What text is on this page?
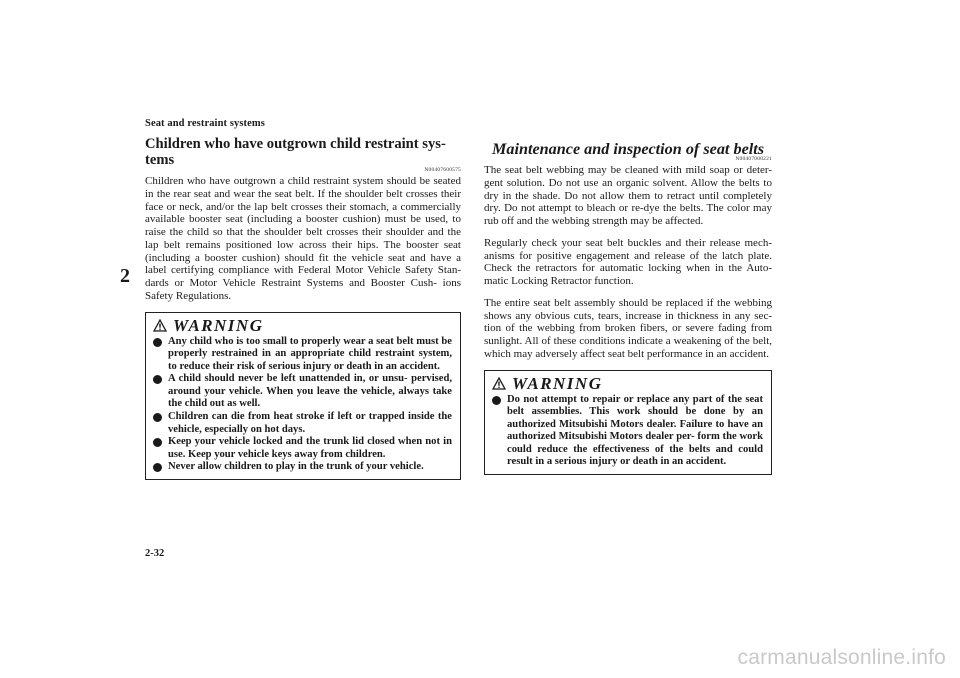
Seat and restraint systems
2
Children who have outgrown child restraint sys- tems
N00407600575

Children who have outgrown a child restraint system should be seated in the rear seat and wear the seat belt. If the shoulder belt crosses their face or neck, and/or the lap belt crosses their stomach, a commercially available booster seat (including a booster cushion) must be used, to raise the child so that the shoulder belt crosses their shoulder and the lap belt remains positioned low across their hips. The booster seat (including a booster cushion) should fit the vehicle seat and have a label certifying compliance with Federal Motor Vehicle Safety Stan- dards or Motor Vehicle Restraint Systems and Booster Cush- ions Safety Regulations.

WARNING
Any child who is too small to properly wear a seat belt must be properly restrained in an appropriate child restraint system, to reduce their risk of serious injury or death in an accident.
A child should never be left unattended in, or unsu- pervised, around your vehicle. When you leave the vehicle, always take the child out as well.
Children can die from heat stroke if left or trapped inside the vehicle, especially on hot days.
Keep your vehicle locked and the trunk lid closed when not in use. Keep your vehicle keys away from children.
Never allow children to play in the trunk of your vehicle.
Maintenance and inspection of seat belts
N00407000221

The seat belt webbing may be cleaned with mild soap or deter- gent solution. Do not use an organic solvent. Allow the belts to dry in the shade. Do not allow them to retract until completely dry. Do not attempt to bleach or re-dye the belts. The color may rub off and the webbing strength may be affected.

Regularly check your seat belt buckles and their release mech- anisms for positive engagement and release of the latch plate. Check the retractors for automatic locking when in the Auto- matic Locking Retractor function.

The entire seat belt assembly should be replaced if the webbing shows any obvious cuts, tears, increase in thickness in any sec- tion of the webbing from broken fibers, or severe fading from sunlight. All of these conditions indicate a weakening of the belt, which may adversely affect seat belt performance in an accident.

WARNING
Do not attempt to repair or replace any part of the seat belt assemblies. This work should be done by an authorized Mitsubishi Motors dealer. Failure to have an authorized Mitsubishi Motors dealer per- form the work could reduce the effectiveness of the belts and could result in a serious injury or death in an accident.
2-32
carmanualsonline.info
